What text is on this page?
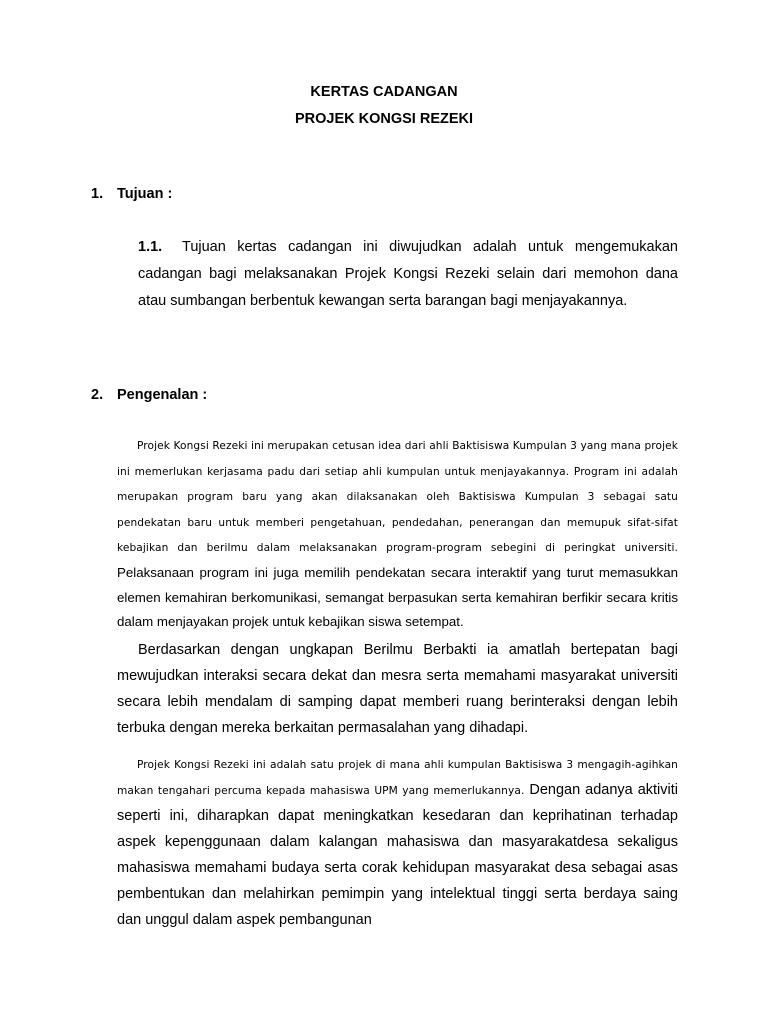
KERTAS CADANGAN
PROJEK KONGSI REZEKI
1. Tujuan :
1.1. Tujuan kertas cadangan ini diwujudkan adalah untuk mengemukakan cadangan bagi melaksanakan Projek Kongsi Rezeki selain dari memohon dana atau sumbangan berbentuk kewangan serta barangan bagi menjayakannya.
2. Pengenalan :
Projek Kongsi Rezeki ini merupakan cetusan idea dari ahli Baktisiswa Kumpulan 3 yang mana projek ini memerlukan kerjasama padu dari setiap ahli kumpulan untuk menjayakannya. Program ini adalah merupakan program baru yang akan dilaksanakan oleh Baktisiswa Kumpulan 3 sebagai satu pendekatan baru untuk memberi pengetahuan, pendedahan, penerangan dan memupuk sifat-sifat kebajikan dan berilmu dalam melaksanakan program-program sebegini di peringkat universiti. Pelaksanaan program ini juga memilih pendekatan secara interaktif yang turut memasukkan elemen kemahiran berkomunikasi, semangat berpasukan serta kemahiran berfikir secara kritis dalam menjayakan projek untuk kebajikan siswa setempat.
Berdasarkan dengan ungkapan Berilmu Berbakti ia amatlah bertepatan bagi mewujudkan interaksi secara dekat dan mesra serta memahami masyarakat universiti secara lebih mendalam di samping dapat memberi ruang berinteraksi dengan lebih terbuka dengan mereka berkaitan permasalahan yang dihadapi.
Projek Kongsi Rezeki ini adalah satu projek di mana ahli kumpulan Baktisiswa 3 mengagih-agihkan makan tengahari percuma kepada mahasiswa UPM yang memerlukannya. Dengan adanya aktiviti seperti ini, diharapkan dapat meningkatkan kesedaran dan keprihatinan terhadap aspek kepenggunaan dalam kalangan mahasiswa dan masyarakatdesa sekaligus mahasiswa memahami budaya serta corak kehidupan masyarakat desa sebagai asas pembentukan dan melahirkan pemimpin yang intelektual tinggi serta berdaya saing dan unggul dalam aspek pembangunan
